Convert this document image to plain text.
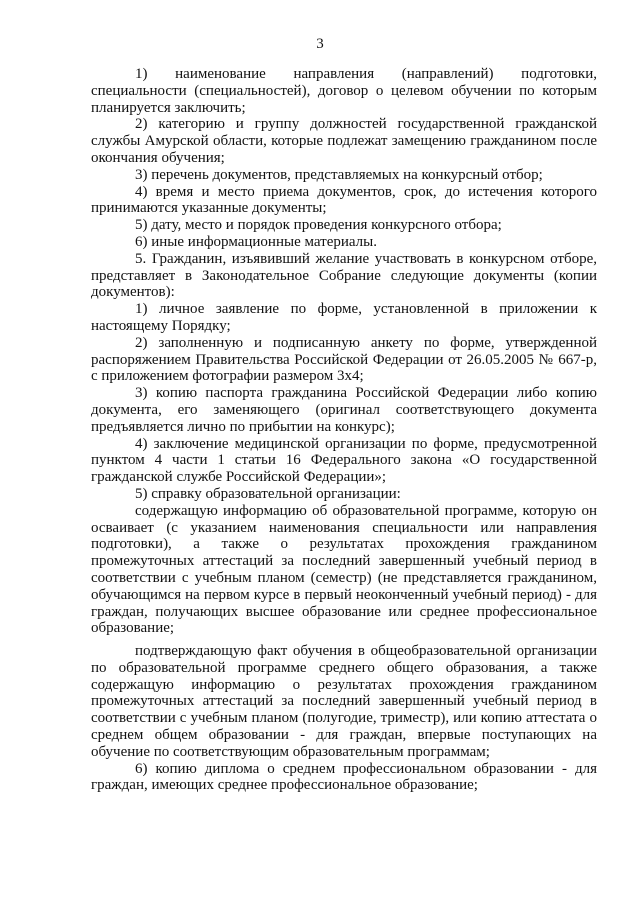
3

1) наименование направления (направлений) подготовки, специальности (специальностей), договор о целевом обучении по которым планируется заключить;

2) категорию и группу должностей государственной гражданской службы Амурской области, которые подлежат замещению гражданином после окончания обучения;

3) перечень документов, представляемых на конкурсный отбор;

4) время и место приема документов, срок, до истечения которого принимаются указанные документы;

5) дату, место и порядок проведения конкурсного отбора;

6) иные информационные материалы.

5. Гражданин, изъявивший желание участвовать в конкурсном отборе, представляет в Законодательное Собрание следующие документы (копии документов):

1) личное заявление по форме, установленной в приложении к настоящему Порядку;

2) заполненную и подписанную анкету по форме, утвержденной распоряжением Правительства Российской Федерации от 26.05.2005 № 667-р, с приложением фотографии размером 3х4;

3) копию паспорта гражданина Российской Федерации либо копию документа, его заменяющего (оригинал соответствующего документа предъявляется лично по прибытии на конкурс);

4) заключение медицинской организации по форме, предусмотренной пунктом 4 части 1 статьи 16 Федерального закона «О государственной гражданской службе Российской Федерации»;

5) справку образовательной организации:

содержащую информацию об образовательной программе, которую он осваивает (с указанием наименования специальности или направления подготовки), а также о результатах прохождения гражданином промежуточных аттестаций за последний завершенный учебный период в соответствии с учебным планом (семестр) (не представляется гражданином, обучающимся на первом курсе в первый неоконченный учебный период) - для граждан, получающих высшее образование или среднее профессиональное образование;

подтверждающую факт обучения в общеобразовательной организации по образовательной программе среднего общего образования, а также содержащую информацию о результатах прохождения гражданином промежуточных аттестаций за последний завершенный учебный период в соответствии с учебным планом (полугодие, триместр), или копию аттестата о среднем общем образовании - для граждан, впервые поступающих на обучение по соответствующим образовательным программам;

6) копию диплома о среднем профессиональном образовании - для граждан, имеющих среднее профессиональное образование;
